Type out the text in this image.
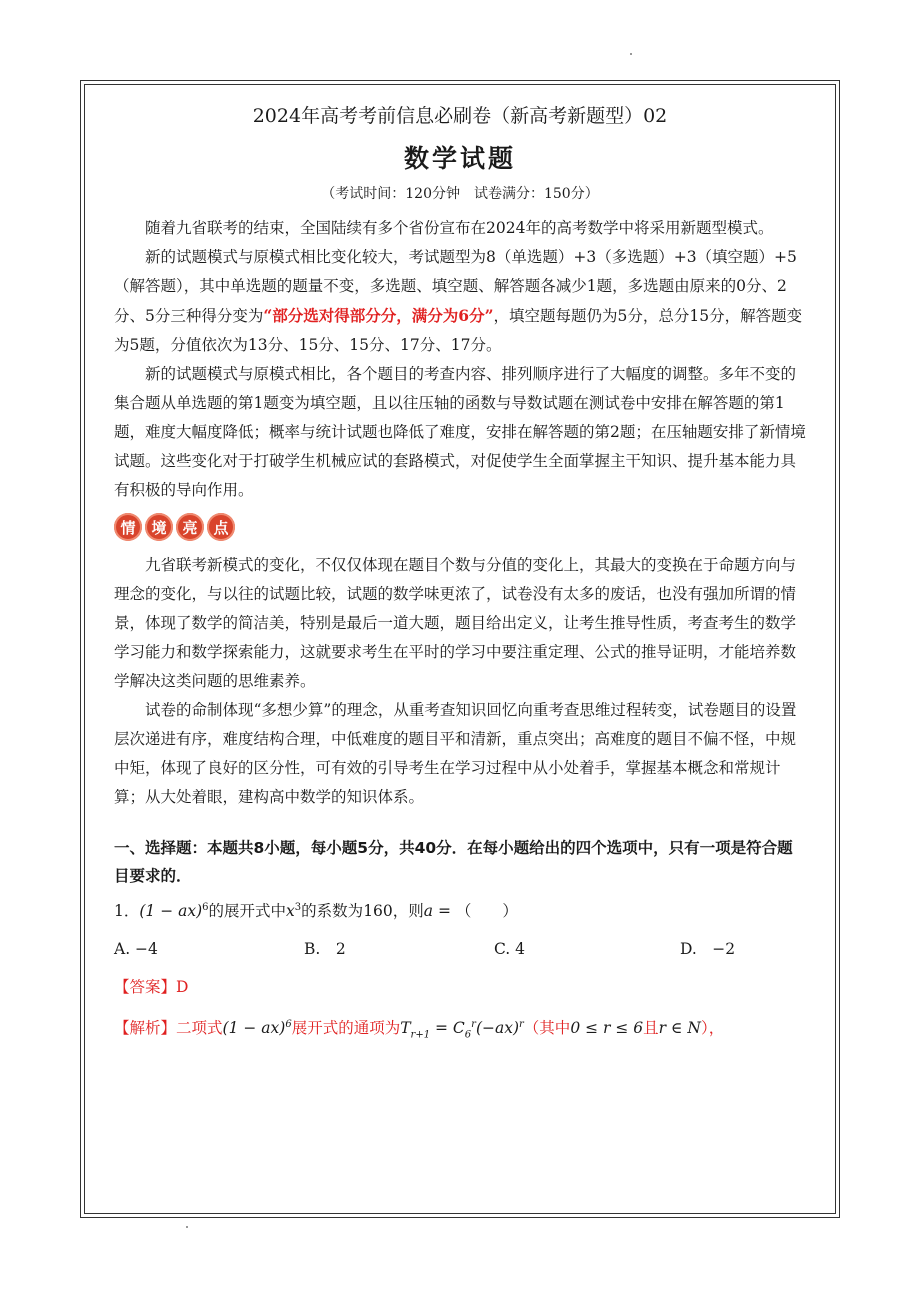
2024年高考考前信息必刷卷（新高考新题型）02
数学试题
（考试时间：120分钟　试卷满分：150分）

随着九省联考的结束，全国陆续有多个省份宣布在2024年的高考数学中将采用新题型模式。

新的试题模式与原模式相比变化较大，考试题型为8（单选题）+3（多选题）+3（填空题）+5（解答题），其中单选题的题量不变，多选题、填空题、解答题各减少1题，多选题由原来的0分、2分、5分三种得分变为“部分选对得部分分，满分为6分”，填空题每题仍为5分，总分15分，解答题变为5题，分值依次为13分、15分、15分、17分、17分。

新的试题模式与原模式相比，各个题目的考查内容、排列顺序进行了大幅度的调整。多年不变的集合题从单选题的第1题变为填空题，且以往压轴的函数与导数试题在测试卷中安排在解答题的第1题，难度大幅度降低；概率与统计试题也降低了难度，安排在解答题的第2题；在压轴题安排了新情境试题。这些变化对于打破学生机械应试的套路模式，对促使学生全面掌握主干知识、提升基本能力具有积极的导向作用。

情	境	亮	点

九省联考新模式的变化，不仅仅体现在题目个数与分值的变化上，其最大的变换在于命题方向与理念的变化，与以往的试题比较，试题的数学味更浓了，试卷没有太多的废话，也没有强加所谓的情景，体现了数学的简洁美，特别是最后一道大题，题目给出定义，让考生推导性质，考查考生的数学学习能力和数学探索能力，这就要求考生在平时的学习中要注重定理、公式的推导证明，才能培养数学解决这类问题的思维素养。

试卷的命制体现“多想少算”的理念，从重考查知识回忆向重考查思维过程转变，试卷题目的设置层次递进有序，难度结构合理，中低难度的题目平和清新，重点突出；高难度的题目不偏不怪，中规中矩，体现了良好的区分性，可有效的引导考生在学习过程中从小处着手，掌握基本概念和常规计算；从大处着眼，建构高中数学的知识体系。

一、选择题：本题共8小题，每小题5分，共40分．在每小题给出的四个选项中，只有一项是符合题目要求的．
1．(1 − ax)$^6$的展开式中$x^3$的系数为160，则a = （　　）
A. −4	B.　2	C. 4	D.　−2
【答案】D
【解析】二项式(1 − ax)$^6$展开式的通项为$T_{r+1} = C_6^r(-ax)^r$（其中0 ≤ r ≤ 6且r ∈ N），
